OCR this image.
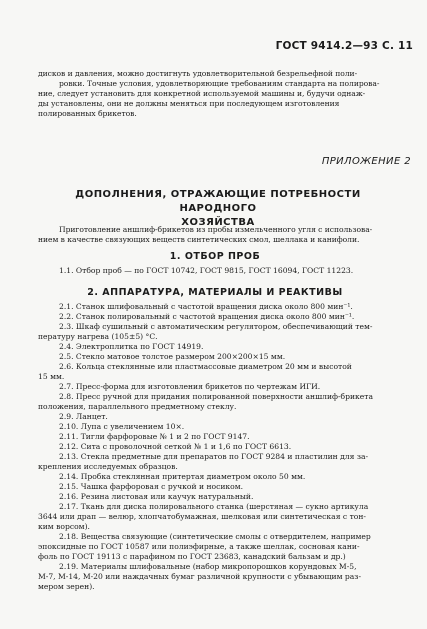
ГОСТ 9414.2—93 С. 11
дисков и давления, можно достигнуть удовлетворительной безрельефной поли-
ровки. Точные условия, удовлетворяющие требованиям стандарта на полирова-
ние, следует установить для конкретной используемой машины и, будучи однаж-
ды установлены, они не должны меняться при последующем изготовления
полированных брикетов.
ПРИЛОЖЕНИЕ 2
ДОПОЛНЕНИЯ, ОТРАЖАЮЩИЕ ПОТРЕБНОСТИ НАРОДНОГО
ХОЗЯЙСТВА
Приготовление аншлиф-брикетов из пробы измельченного угля с использова-
нием в качестве связующих веществ синтетических смол, шеллака и канифоли.
1. ОТБОР ПРОБ
1.1. Отбор проб — по ГОСТ 10742, ГОСТ 9815, ГОСТ 16094, ГОСТ 11223.
2. АППАРАТУРА, МАТЕРИАЛЫ И РЕАКТИВЫ
2.1. Станок шлифовальный с частотой вращения диска около 800 мин⁻¹.
2.2. Станок полировальный с частотой вращения диска около 800 мин⁻¹.
2.3. Шкаф сушильный с автоматическим регулятором, обеспечивающий тем-
пературу нагрева (105±5) °С.
2.4. Электроплитка по ГОСТ 14919.
2.5. Стекло матовое толстое размером 200×200×15 мм.
2.6. Кольца стеклянные или пластмассовые диаметром 20 мм и высотой
15 мм.
2.7. Пресс-форма для изготовления брикетов по чертежам ИГИ.
2.8. Пресс ручной для придания полированной поверхности аншлиф-брикета
положения, параллельного предметному стеклу.
2.9. Ланцет.
2.10. Лупа с увеличением 10×.
2.11. Тигли фарфоровые № 1 и 2 по ГОСТ 9147.
2.12. Сита с проволочной сеткой № 1 и 1,6 по ГОСТ 6613.
2.13. Стекла предметные для препаратов по ГОСТ 9284 и пластилин для за-
крепления исследуемых образцов.
2.14. Пробка стеклянная притертая диаметром около 50 мм.
2.15. Чашка фарфоровая с ручкой и носиком.
2.16. Резина листовая или каучук натуральный.
2.17. Ткань для диска полировального станка (шерстяная — сукно артикула
3644 или драп — велюр, хлопчатобумажная, шелковая или синтетическая с тон-
ким ворсом).
2.18. Вещества связующие (синтетические смолы с отвердителем, например
эпоксидные по ГОСТ 10587 или полиэфирные, а также шеллак, сосновая кани-
фоль по ГОСТ 19113 с парафином по ГОСТ 23683, канадский бальзам и др.)
2.19. Материалы шлифовальные (набор микропорошков корундовых М-5,
М-7, М-14, М-20 или наждачных бумаг различной крупности с убывающим раз-
мером зерен).
